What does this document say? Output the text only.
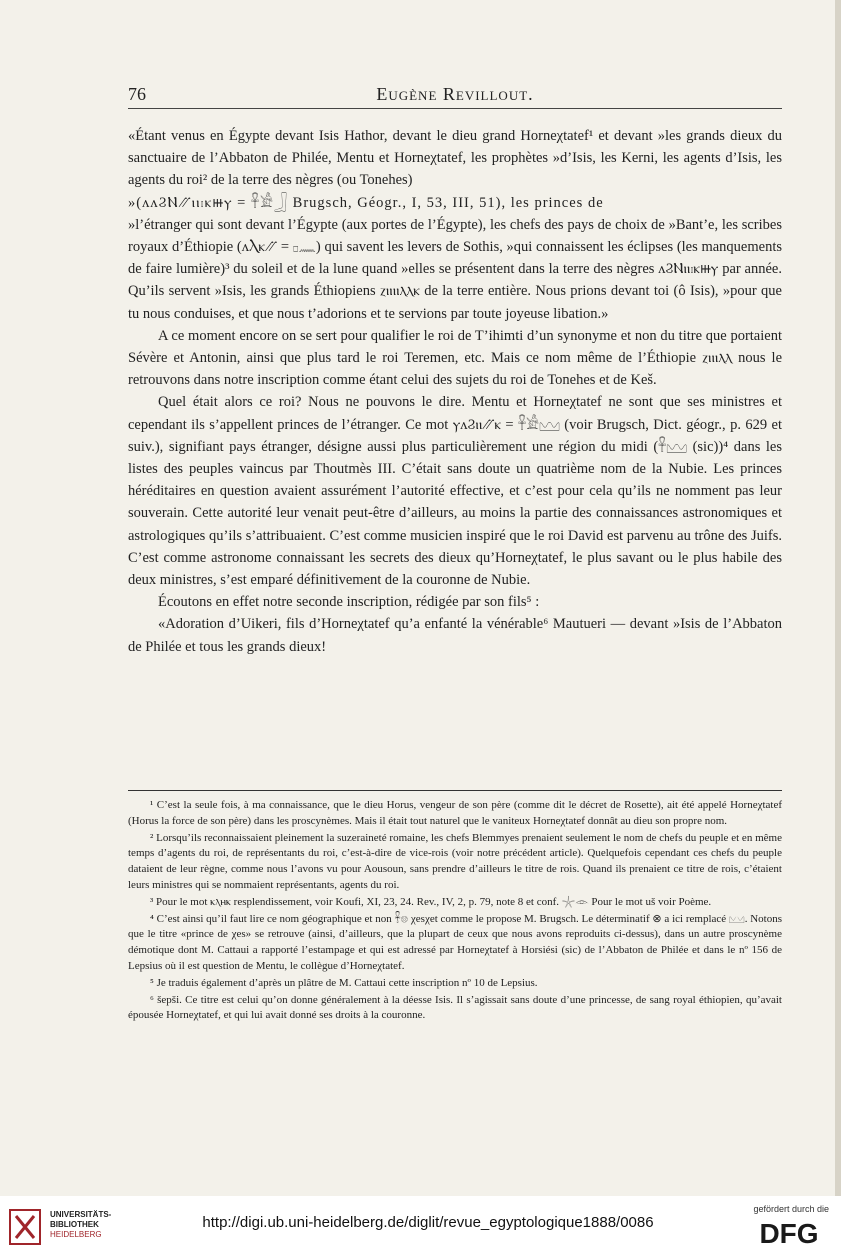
76	Eugène Revillout.

«Étant venus en Égypte devant Isis Hathor, devant le dieu grand Horneχtatef¹ et devant »les grands dieux du sanctuaire de l’Abbaton de Philée, Mentu et Horneχtatef, les prophètes »d’Isis, les Kerni, les agents d’Isis, les agents du roi² de la terre des nègres (ou Tonehes)

»(ʌʌϨⲚ⳼ⲓⲓ𓏤ⲕⲿⲩ = 𓋹𓀀𓃀 Brugsch, Géogr., I, 53, III, 51), les princes de

»l’étranger qui sont devant l’Égypte (aux portes de l’Égypte), les chefs des pays de choix de »Bant’e, les scribes royaux d’Éthiopie (ʌⲖⲕ⳼ = 𓊪𓈖) qui savent les levers de Sothis, »qui connaissent les éclipses (les manquements de faire lumière)³ du soleil et de la lune quand »elles se présentent dans la terre des nègres ʌϨⲚⲓⲓ𓏤ⲕⲿⲩ par année. Qu’ils servent »Isis, les grands Éthiopiens ⲍⲓⲓⲓⲓⲗⲗⲕ de la terre entière. Nous prions devant toi (ô Isis), »pour que tu nous conduises, et que nous t’adorions et te servions par toute joyeuse libation.»

A ce moment encore on se sert pour qualifier le roi de T’ihimti d’un synonyme et non du titre que portaient Sévère et Antonin, ainsi que plus tard le roi Teremen, etc. Mais ce nom même de l’Éthiopie ⲍⲓⲓⲓⲗⲗ nous le retrouvons dans notre inscription comme étant celui des sujets du roi de Tonehes et de Keš.

Quel était alors ce roi? Nous ne pouvons le dire. Mentu et Horneχtatef ne sont que ses ministres et cependant ils s’appellent princes de l’étranger. Ce mot ⲩʌϨⲓⲓ⳼ⲕ = 𓋹𓀀𓈉 (voir Brugsch, Dict. géogr., p. 629 et suiv.), signifiant pays étranger, désigne aussi plus particulièrement une région du midi (𓋹𓈉 (sic))⁴ dans les listes des peuples vaincus par Thoutmès III. C’était sans doute un quatrième nom de la Nubie. Les princes héréditaires en question avaient assurément l’autorité effective, et c’est pour cela qu’ils ne nomment pas leur souverain. Cette autorité leur venait peut-être d’ailleurs, au moins la partie des connaissances astronomiques et astrologiques qu’ils s’attribuaient. C’est comme musicien inspiré que le roi David est parvenu au trône des Juifs. C’est comme astronome connaissant les secrets des dieux qu’Horneχtatef, le plus savant ou le plus habile des deux ministres, s’est emparé définitivement de la couronne de Nubie.

Écoutons en effet notre seconde inscription, rédigée par son fils⁵ :

«Adoration d’Uikeri, fils d’Horneχtatef qu’a enfanté la vénérable⁶ Mautueri — devant »Isis de l’Abbaton de Philée et tous les grands dieux!

¹ C’est la seule fois, à ma connaissance, que le dieu Horus, vengeur de son père (comme dit le décret de Rosette), ait été appelé Horneχtatef (Horus la force de son père) dans les proscynèmes. Mais il était tout naturel que le vaniteux Horneχtatef donnât au dieu son propre nom.

² Lorsqu’ils reconnaissaient pleinement la suzeraineté romaine, les chefs Blemmyes prenaient seulement le nom de chefs du peuple et en même temps d’agents du roi, de représentants du roi, c’est-à-dire de vice-rois (voir notre précédent article). Quelquefois cependant ces chefs du peuple dataient de leur règne, comme nous l’avons vu pour Aousoun, sans prendre d’ailleurs le titre de rois. Quand ils prenaient ce titre de rois, c’étaient leurs ministres qui se nommaient représentants, agents du roi.

³ Pour le mot ⲕⲗⲏⲕ resplendissement, voir Koufi, XI, 23, 24. Rev., IV, 2, p. 79, note 8 et conf. 𓇼𓁹 Pour le mot uš voir Poème.

⁴ C’est ainsi qu’il faut lire ce nom géographique et non 𓋹𓊖 χesχet comme le propose M. Brugsch. Le déterminatif ⊗ a ici remplacé 𓈉. Notons que le titre «prince de χes» se retrouve (ainsi, d’ailleurs, que la plupart de ceux que nous avons reproduits ci-dessus), dans un autre proscynème démotique dont M. Cattaui a rapporté l’estampage et qui est adressé par Horneχtatef à Horsiési (sic) de l’Abbaton de Philée et dans le nº 156 de Lepsius où il est question de Mentu, le collègue d’Horneχtatef.

⁵ Je traduis également d’après un plâtre de M. Cattaui cette inscription nº 10 de Lepsius.

⁶ šepši. Ce titre est celui qu’on donne généralement à la déesse Isis. Il s’agissait sans doute d’une princesse, de sang royal éthiopien, qu’avait épousée Horneχtatef, et qui lui avait donné ses droits à la couronne.

UNIVERSITÄTS-
BIBLIOTHEK
HEIDELBERG
http://digi.ub.uni-heidelberg.de/diglit/revue_egyptologique1888/0086
gefördert durch die
DFG
